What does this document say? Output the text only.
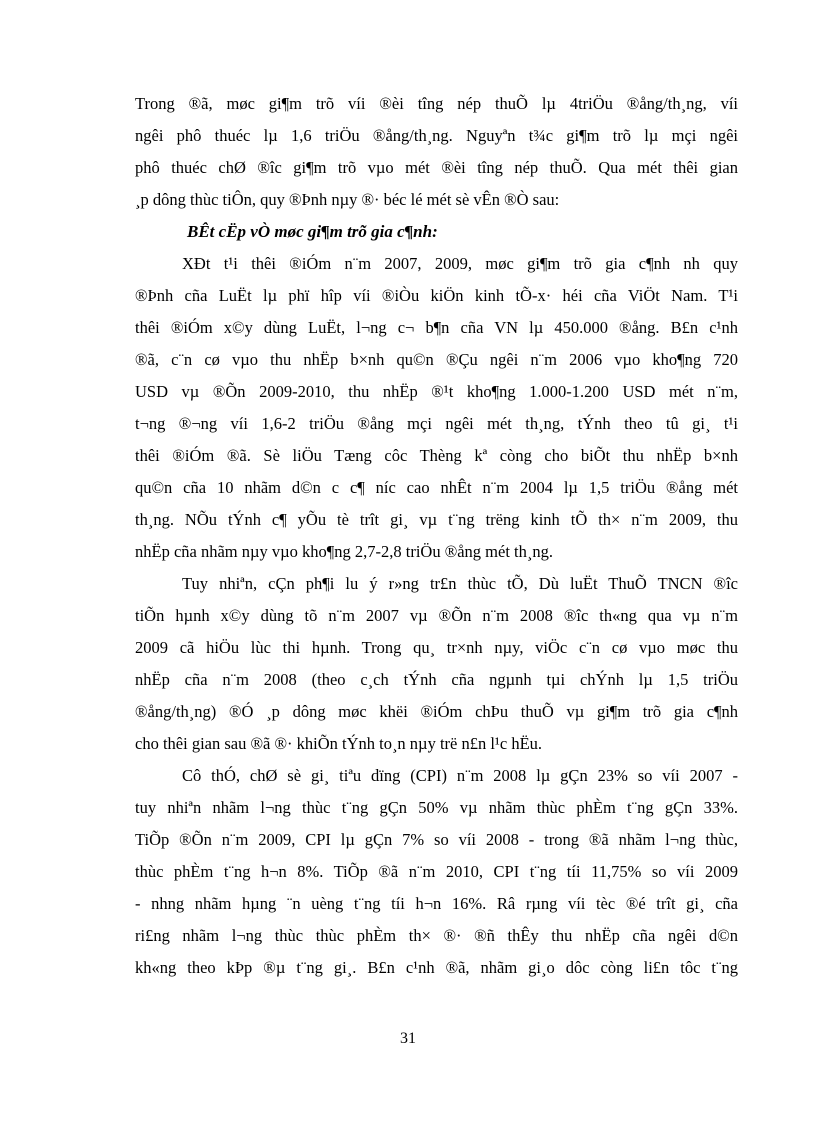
Trong ®ã, møc gi¶m trõ víi ®èi tîng nép thuÕ lµ 4triÖu ®ång/th¸ng, víi

ngêi phô thuéc lµ 1,6 triÖu ®ång/th¸ng. Nguyªn t¾c gi¶m trõ lµ mçi ngêi

phô thuéc chØ ®îc gi¶m trõ vµo mét ®èi tîng nép thuÕ. Qua mét thêi gian

¸p dông thùc tiÔn, quy ®Þnh nµy ®· béc lé mét sè vÊn ®Ò sau:

BÊt cËp vÒ møc gi¶m trõ gia c¶nh:

XÐt t¹i thêi ®iÓm n¨m 2007, 2009, møc gi¶m trõ gia c¶nh nh quy

®Þnh cña LuËt lµ phï hîp víi ®iÒu kiÖn kinh tÕ-x· héi cña ViÖt Nam. T¹i

thêi ®iÓm x©y dùng LuËt, l¬ng c¬ b¶n cña VN lµ 450.000 ®ång. B£n c¹nh

®ã, c¨n cø vµo thu nhËp b×nh qu©n ®Çu ngêi n¨m 2006 vµo kho¶ng 720

USD vµ ®Õn 2009-2010, thu nhËp ®¹t kho¶ng 1.000-1.200 USD mét n¨m,

t¬ng ®¬ng víi 1,6-2 triÖu ®ång mçi ngêi mét th¸ng, tÝnh theo tû gi¸ t¹i

thêi ®iÓm ®ã. Sè liÖu Tæng côc Thèng kª còng cho biÕt thu nhËp b×nh

qu©n cña 10 nhãm d©n c c¶ níc cao nhÊt n¨m 2004 lµ 1,5 triÖu ®ång mét

th¸ng. NÕu tÝnh c¶ yÕu tè trît gi¸ vµ t¨ng trëng kinh tÕ th× n¨m 2009, thu

nhËp cña nhãm nµy vµo kho¶ng 2,7-2,8 triÖu ®ång mét th¸ng.

Tuy nhiªn, cÇn ph¶i lu ý r»ng tr£n thùc tÕ, Dù luËt ThuÕ TNCN ®îc

tiÕn hµnh x©y dùng tõ n¨m 2007 vµ ®Õn n¨m 2008 ®îc th«ng qua vµ n¨m

2009 cã hiÖu lùc thi hµnh. Trong qu¸ tr×nh nµy, viÖc c¨n cø vµo møc thu

nhËp cña n¨m 2008 (theo c¸ch tÝnh cña ngµnh tµi chÝnh lµ 1,5 triÖu

®ång/th¸ng) ®Ó ¸p dông møc khëi ®iÓm chÞu thuÕ vµ gi¶m trõ gia c¶nh

cho thêi gian sau ®ã ®· khiÕn tÝnh to¸n nµy trë n£n l¹c hËu.

Cô thÓ, chØ sè gi¸ tiªu dïng (CPI) n¨m 2008 lµ gÇn 23% so víi 2007 -

tuy nhiªn nhãm l¬ng thùc t¨ng gÇn 50% vµ nhãm thùc phÈm t¨ng gÇn 33%.

TiÕp ®Õn n¨m 2009, CPI lµ gÇn 7% so víi 2008 - trong ®ã nhãm l¬ng thùc,

thùc phÈm t¨ng h¬n 8%. TiÕp ®ã n¨m 2010, CPI t¨ng tíi 11,75% so víi 2009

- nhng nhãm hµng ¨n uèng t¨ng tíi h¬n 16%. Râ rµng víi tèc ®é trît gi¸ cña

ri£ng nhãm l¬ng thùc thùc phÈm th× ®· ®ñ thÊy thu nhËp cña ngêi d©n

kh«ng theo kÞp ®µ t¨ng gi¸. B£n c¹nh ®ã, nhãm gi¸o dôc còng li£n tôc t¨ng

31
